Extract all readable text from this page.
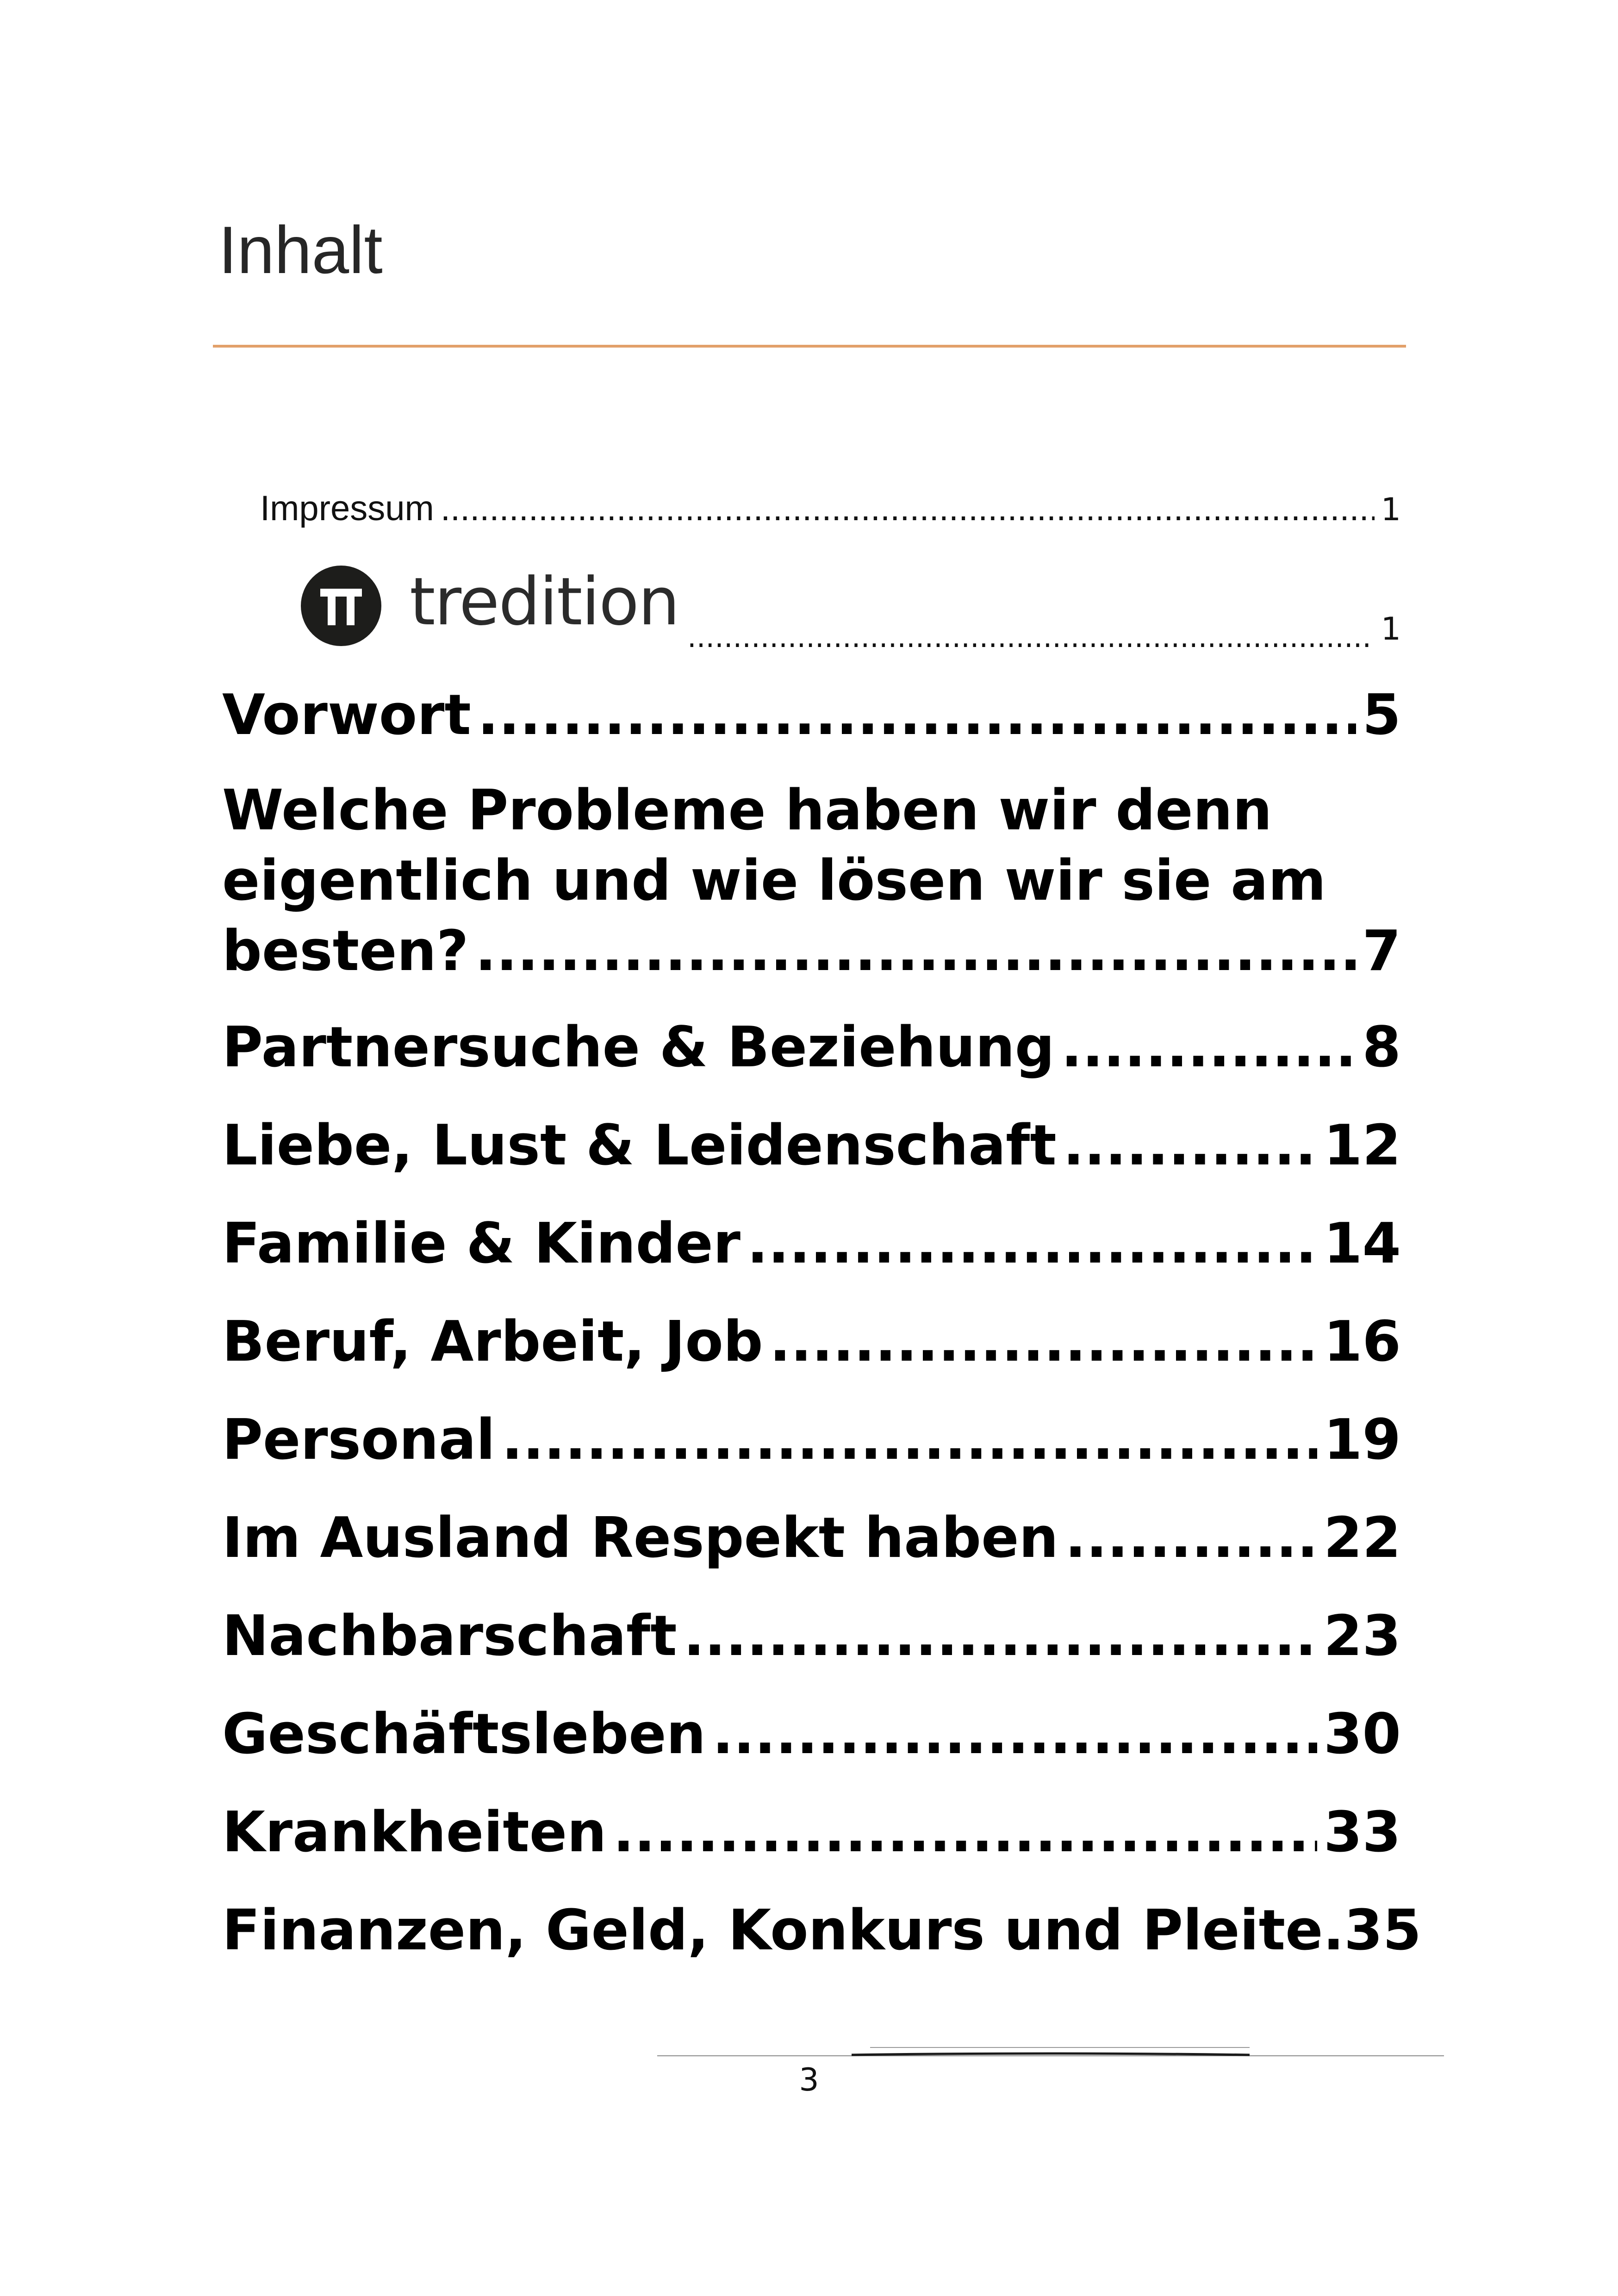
Inhalt
Impressum .....	1
tredition .....	1
Vorwort .....	5
Welche Probleme haben wir denn
eigentlich und wie lösen wir sie am
besten? .....	7
Partnersuche & Beziehung .....	8
Liebe, Lust & Leidenschaft .....	12
Familie & Kinder .....	14
Beruf, Arbeit, Job .....	16
Personal .....	19
Im Ausland Respekt haben .....	22
Nachbarschaft .....	23
Geschäftsleben .....	30
Krankheiten .....	33
Finanzen, Geld, Konkurs und Pleite. 35
3
